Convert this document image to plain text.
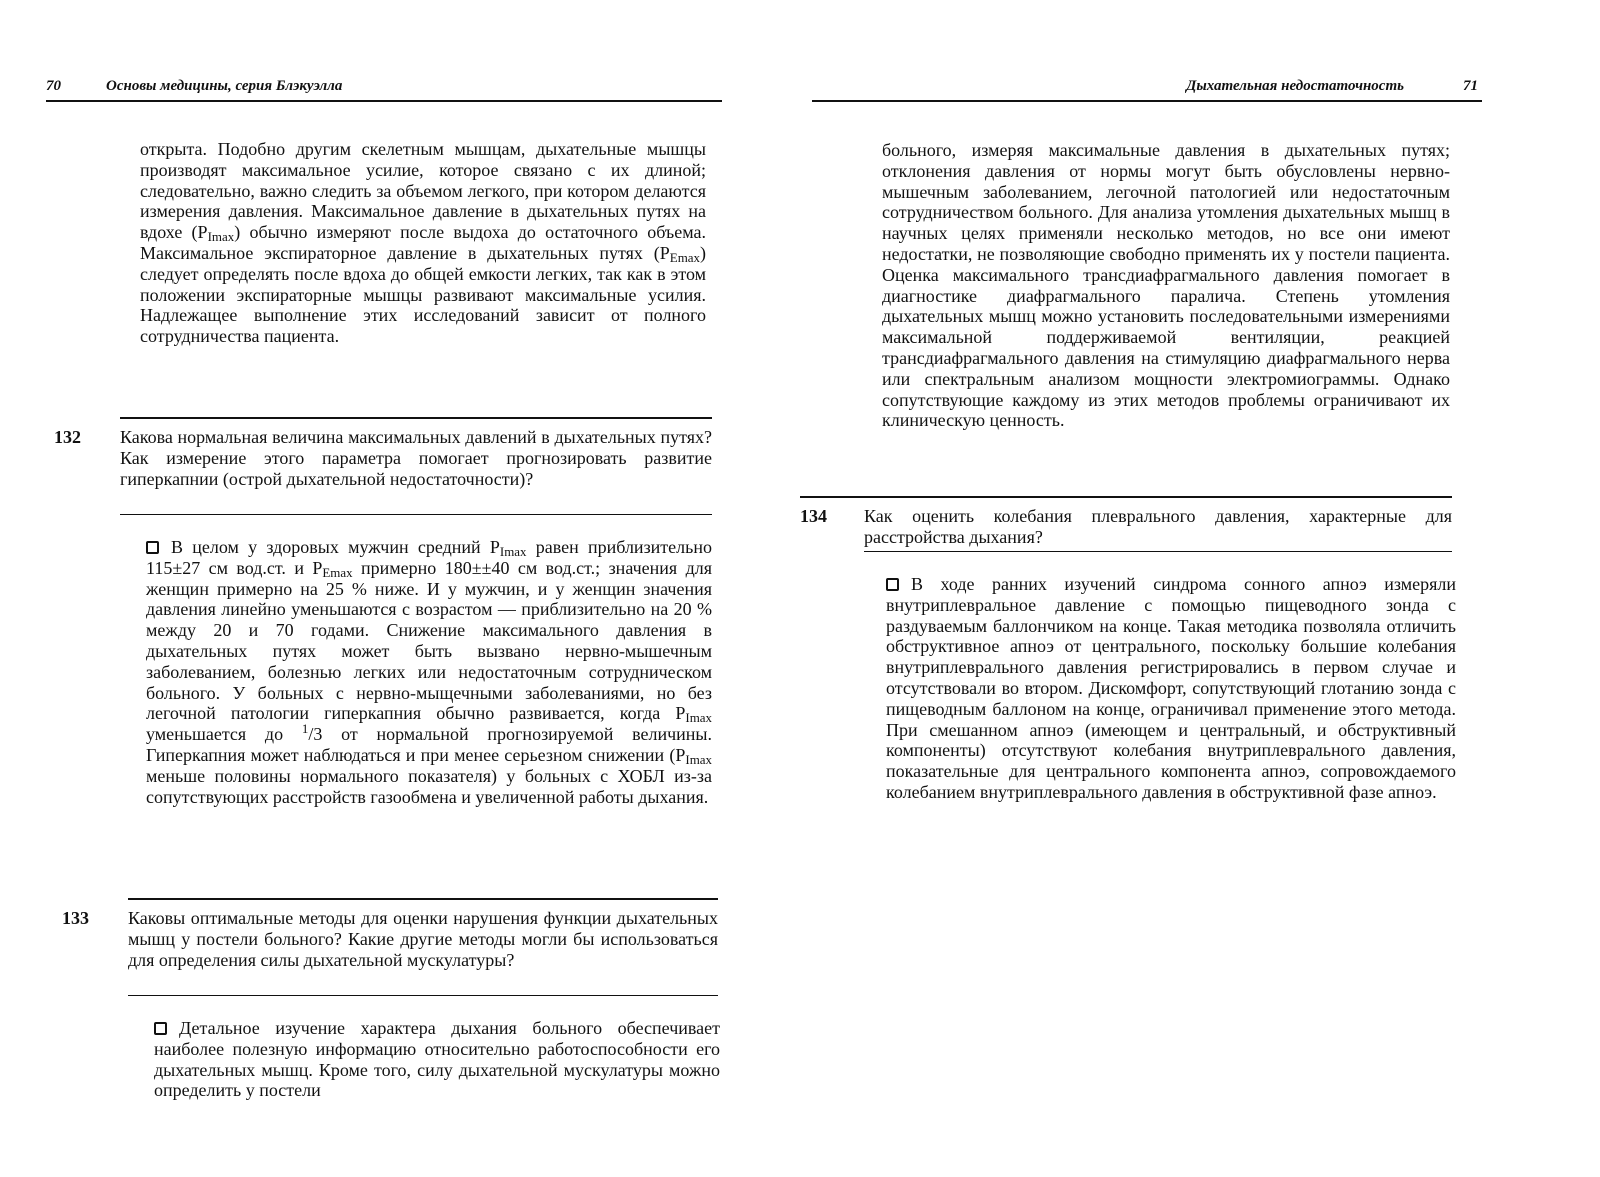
70	Основы медицины, серия Блэкуэлла

открыта. Подобно другим скелетным мышцам, дыхательные мышцы производят максимальное усилие, которое связано с их длиной; следовательно, важно следить за объемом легкого, при котором делаются измерения давления. Максимальное давление в дыхательных путях на вдохе $(P_{Imax})$ обычно измеряют после выдоха до остаточного объема. Максимальное экспираторное давление в дыхательных путях $(P_{Emax})$ следует определять после вдоха до общей емкости легких, так как в этом положении экспираторные мышцы развивают максимальные усилия. Надлежащее выполнение этих исследований зависит от полного сотрудничества пациента.

132 Какова нормальная величина максимальных давлений в дыхательных путях? Как измерение этого параметра помогает прогнозировать развитие гиперкапнии (острой дыхательной недостаточности)?

В целом у здоровых мужчин средний $P_{Imax}$ равен приблизительно 115±27 см вод.ст. и $P_{Emax}$ примерно 180±±40 см вод.ст.; значения для женщин примерно на 25 % ниже. И у мужчин, и у женщин значения давления линейно уменьшаются с возрастом — приблизительно на 20 % между 20 и 70 годами. Снижение максимального давления в дыхательных путях может быть вызвано нервно-мышечным заболеванием, болезнью легких или недостаточным сотрудническом больного. У больных с нервно-мыщечными заболеваниями, но без легочной патологии гиперкапния обычно развивается, когда $P_{Imax}$ уменьшается до $^1$/3 от нормальной прогнозируемой величины. Гиперкапния может наблюдаться и при менее серьезном снижении ($P_{Imax}$ меньше половины нормального показателя) у больных с ХОБЛ из-за сопутствующих расстройств газообмена и увеличенной работы дыхания.

133 Каковы оптимальные методы для оценки нарушения функции дыхательных мышц у постели больного? Какие другие методы могли бы использоваться для определения силы дыхательной мускулатуры?

Детальное изучение характера дыхания больного обеспечивает наиболее полезную информацию относительно работоспособности его дыхательных мышц. Кроме того, силу дыхательной мускулатуры можно определить у постели

Дыхательная недостаточность	71

больного, измеряя максимальные давления в дыхательных путях; отклонения давления от нормы могут быть обусловлены нервно-мышечным заболеванием, легочной патологией или недостаточным сотрудничеством больного. Для анализа утомления дыхательных мышц в научных целях применяли несколько методов, но все они имеют недостатки, не позволяющие свободно применять их у постели пациента. Оценка максимального трансдиафрагмального давления помогает в диагностике диафрагмального паралича. Степень утомления дыхательных мышц можно установить последовательными измерениями максимальной поддерживаемой вентиляции, реакцией трансдиафрагмального давления на стимуляцию диафрагмального нерва или спектральным анализом мощности электромиограммы. Однако сопутствующие каждому из этих методов проблемы ограничивают их клиническую ценность.

134 Как оценить колебания плеврального давления, характерные для расстройства дыхания?

В ходе ранних изучений синдрома сонного апноэ измеряли внутриплевральное давление с помощью пищеводного зонда с раздуваемым баллончиком на конце. Такая методика позволяла отличить обструктивное апноэ от центрального, поскольку большие колебания внутриплеврального давления регистрировались в первом случае и отсутствовали во втором. Дискомфорт, сопутствующий глотанию зонда с пищеводным баллоном на конце, ограничивал применение этого метода. При смешанном апноэ (имеющем и центральный, и обструктивный компоненты) отсутствуют колебания внутриплеврального давления, показательные для центрального компонента апноэ, сопровождаемого колебанием внутриплеврального давления в обструктивной фазе апноэ.
